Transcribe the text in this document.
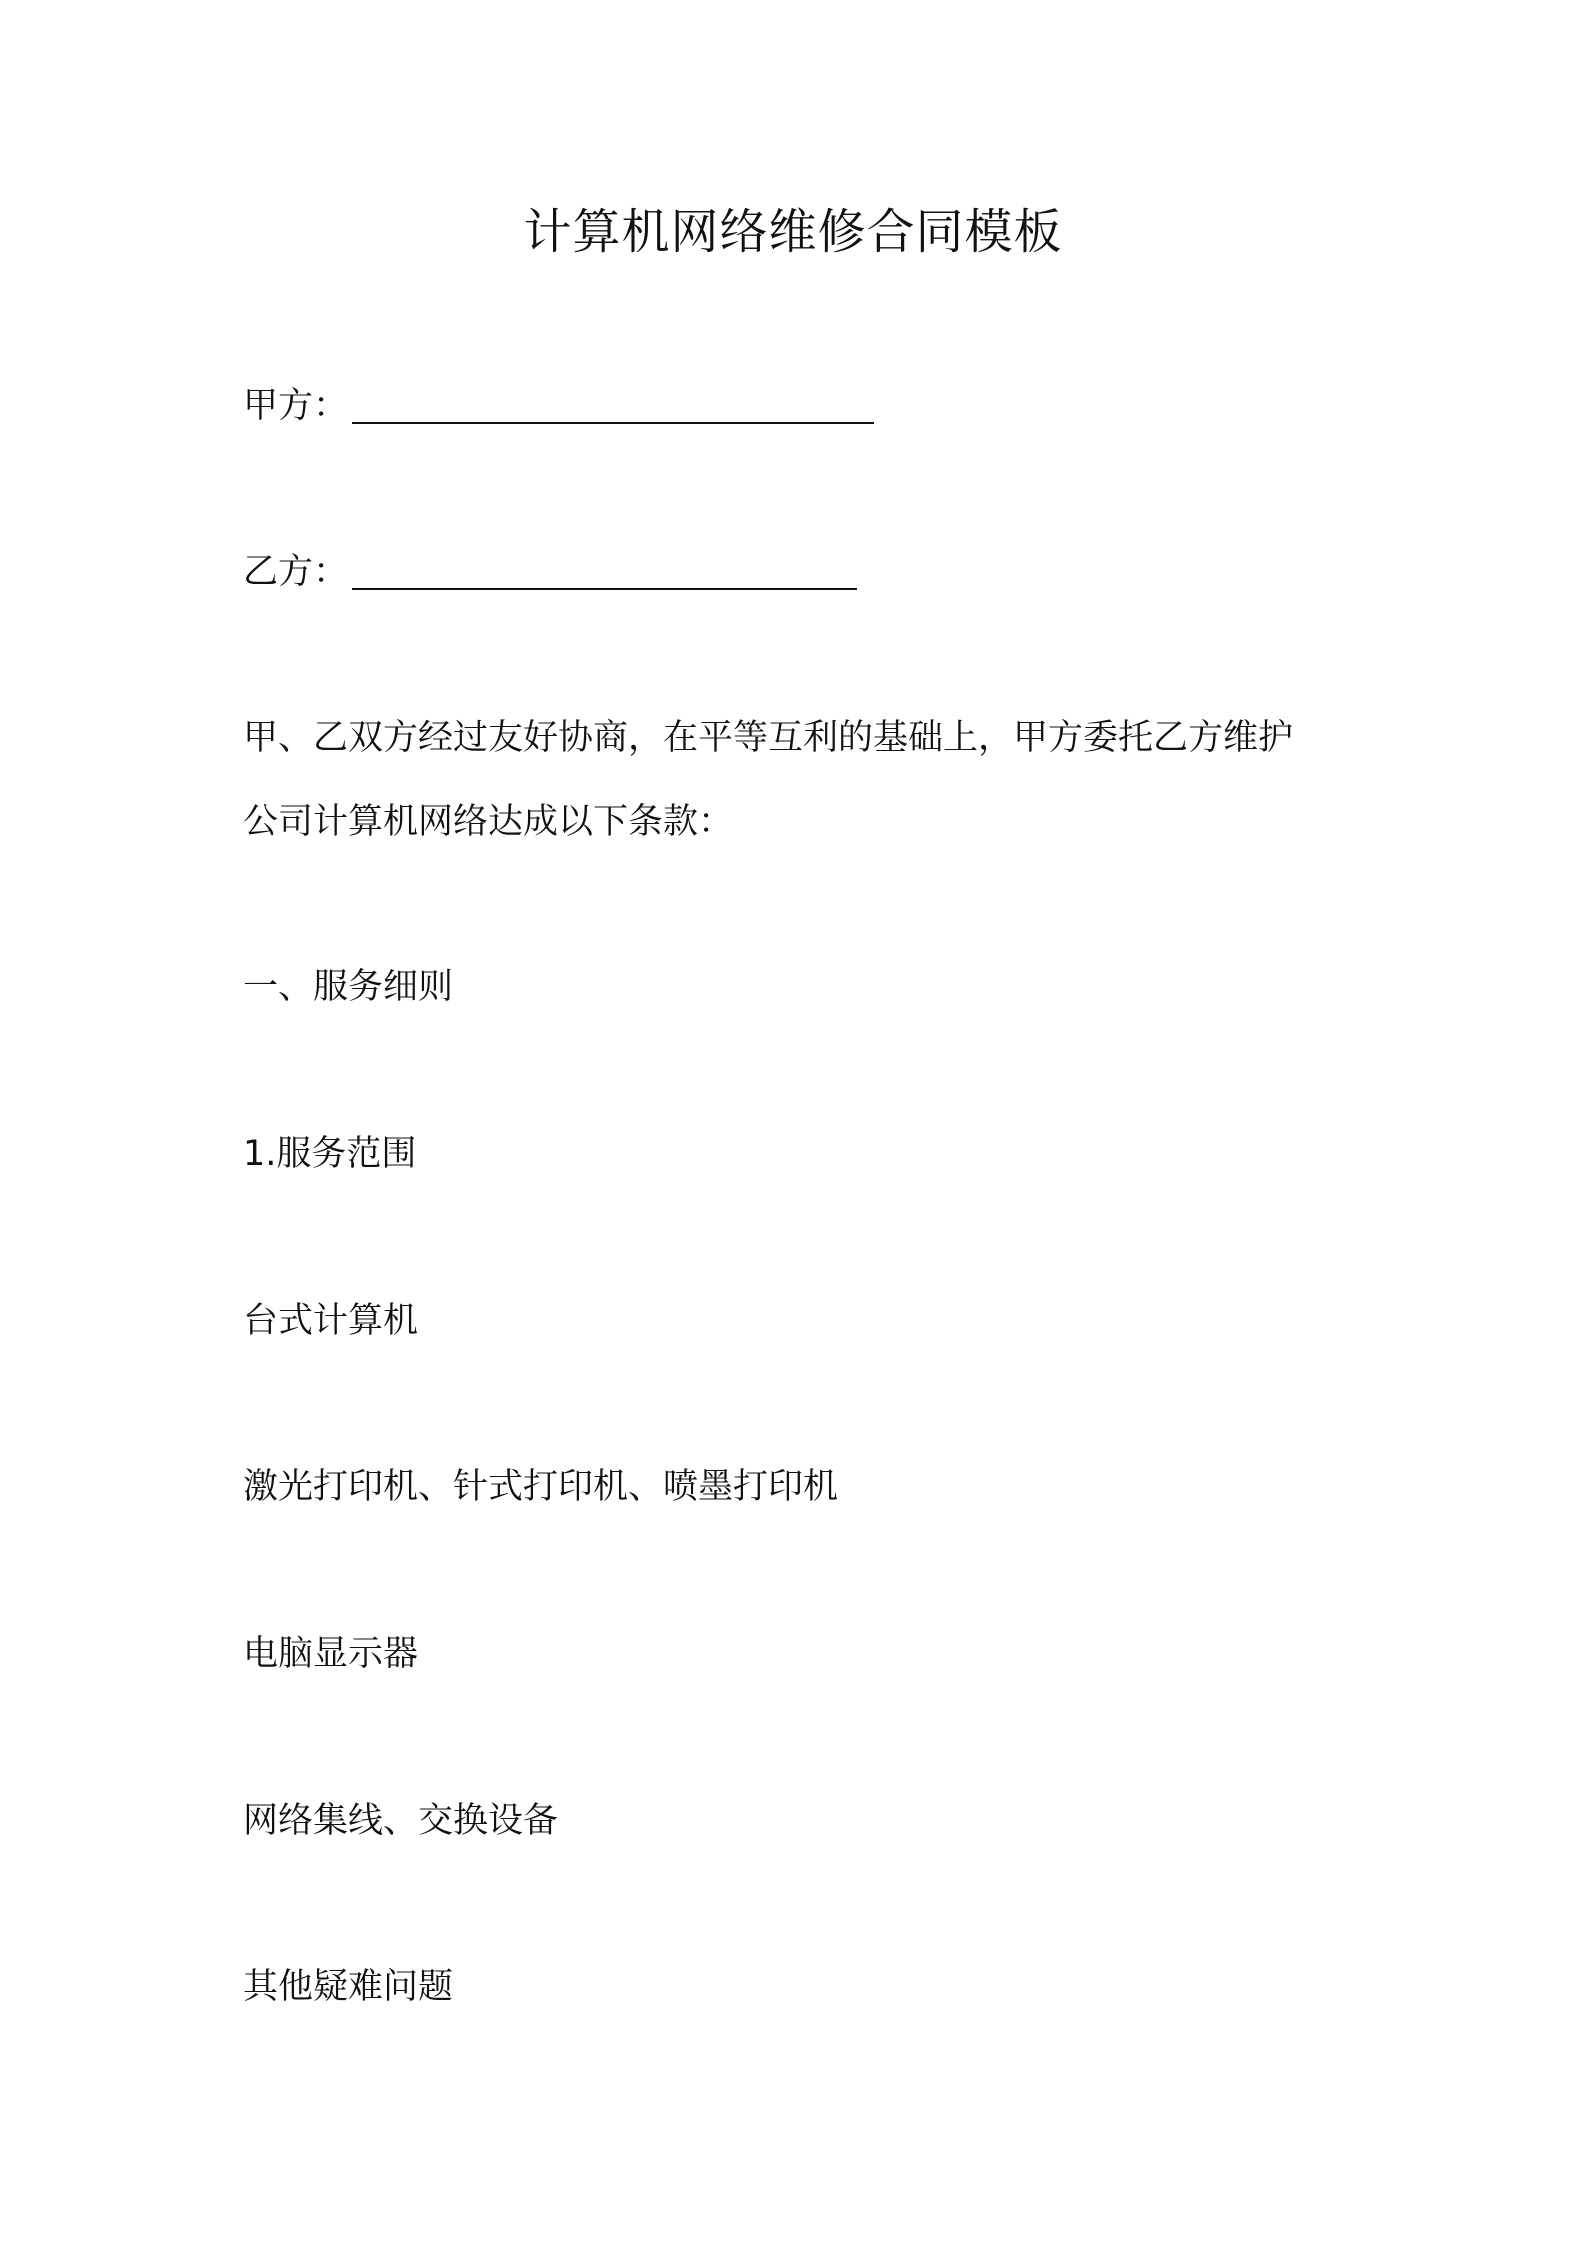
计算机网络维修合同模板
甲方：
乙方：

甲、乙双方经过友好协商，在平等互利的基础上，甲方委托乙方维护

公司计算机网络达成以下条款：

一、服务细则

1.服务范围

台式计算机

激光打印机、针式打印机、喷墨打印机

电脑显示器

网络集线、交换设备

其他疑难问题
